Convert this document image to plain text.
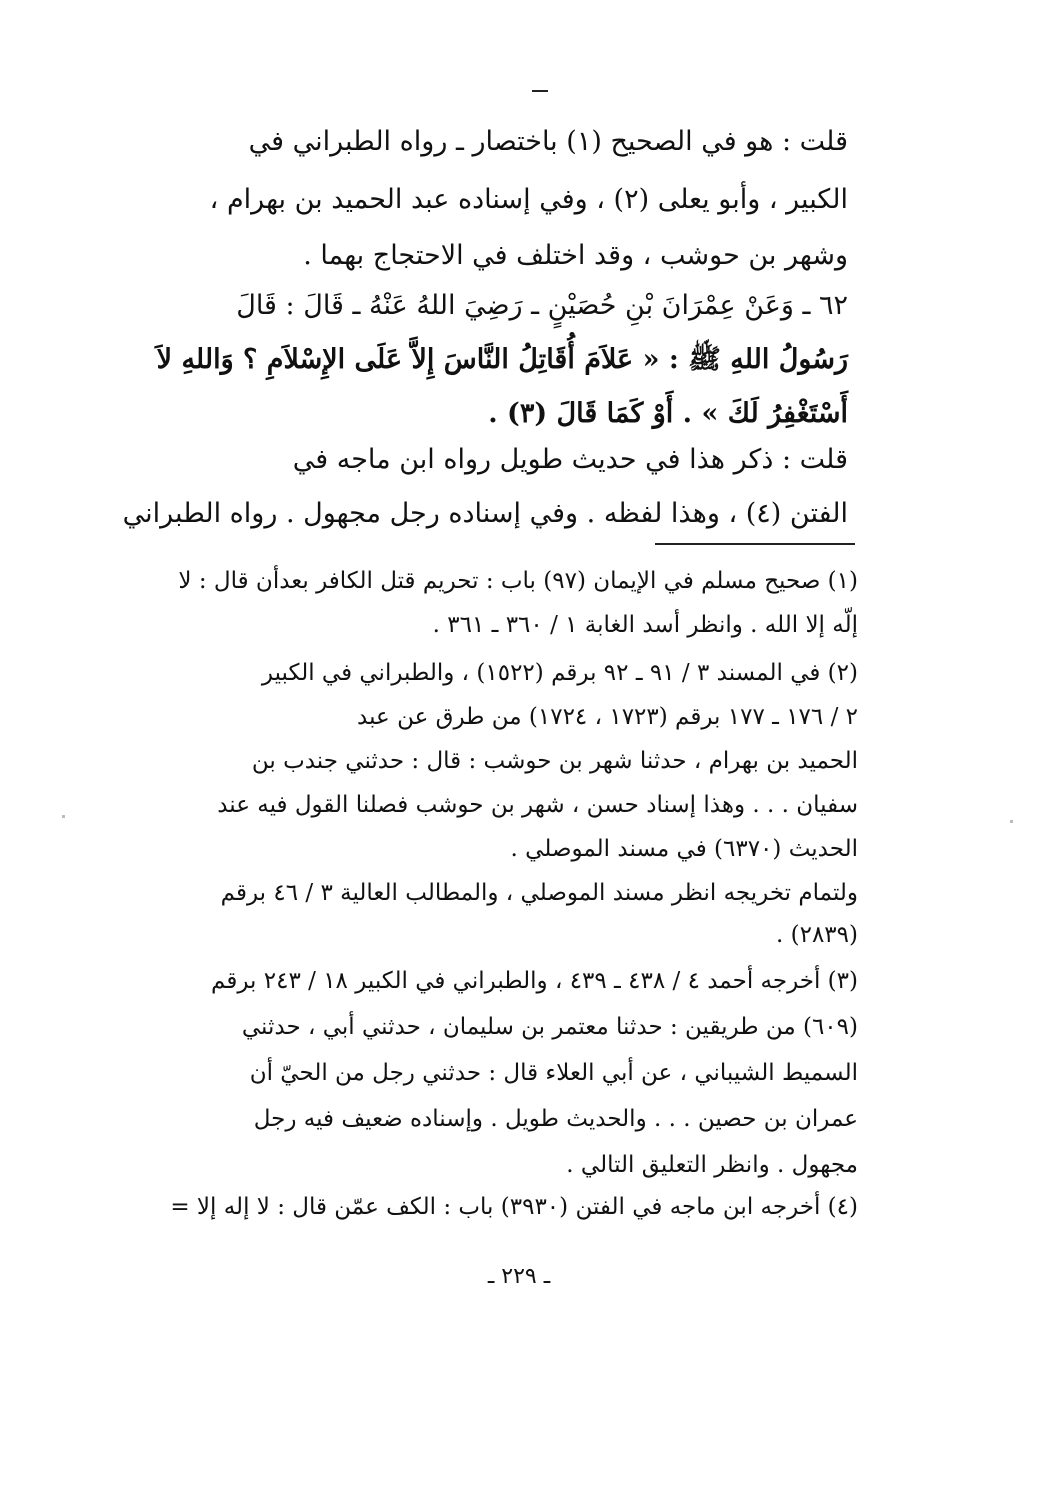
قلت : هو في الصحيح (١) باختصار ـ رواه الطبراني في
الكبير ، وأبو يعلى (٢) ، وفي إسناده عبد الحميد بن بهرام ،
وشهر بن حوشب ، وقد اختلف في الاحتجاج بهما .
٦٢ ـ وَعَنْ عِمْرَانَ بْنِ حُصَيْنٍ ـ رَضِيَ اللهُ عَنْهُ ـ قَالَ : قَالَ
رَسُولُ اللهِ ﷺ : « عَلاَمَ أُقَاتِلُ النَّاسَ إِلاَّ عَلَى الإِسْلاَمِ ؟ وَاللهِ لاَ
أَسْتَغْفِرُ لَكَ » . أَوْ كَمَا قَالَ (٣) .
قلت : ذكر هذا في حديث طويل رواه ابن ماجه في
الفتن (٤) ، وهذا لفظه . وفي إسناده رجل مجهول . رواه الطبراني
(١) صحيح مسلم في الإيمان (٩٧) باب : تحريم قتل الكافر بعدأن قال : لا
إلّه إلا الله . وانظر أسد الغابة ١ / ٣٦٠ ـ ٣٦١ .
(٢) في المسند ٣ / ٩١ ـ ٩٢ برقم (١٥٢٢) ، والطبراني في الكبير
٢ / ١٧٦ ـ ١٧٧ برقم (١٧٢٣ ، ١٧٢٤) من طرق عن عبد
الحميد بن بهرام ، حدثنا شهر بن حوشب : قال : حدثني جندب بن
سفيان . . . وهذا إسناد حسن ، شهر بن حوشب فصلنا القول فيه عند
الحديث (٦٣٧٠) في مسند الموصلي .
ولتمام تخريجه انظر مسند الموصلي ، والمطالب العالية ٣ / ٤٦ برقم
(٢٨٣٩) .
(٣) أخرجه أحمد ٤ / ٤٣٨ ـ ٤٣٩ ، والطبراني في الكبير ١٨ / ٢٤٣ برقم
(٦٠٩) من طريقين : حدثنا معتمر بن سليمان ، حدثني أبي ، حدثني
السميط الشيباني ، عن أبي العلاء قال : حدثني رجل من الحيّ أن
عمران بن حصين . . . والحديث طويل . وإسناده ضعيف فيه رجل
مجهول . وانظر التعليق التالي .
(٤) أخرجه ابن ماجه في الفتن (٣٩٣٠) باب : الكف عمّن قال : لا إله إلا =
ـ ٢٢٩ ـ
